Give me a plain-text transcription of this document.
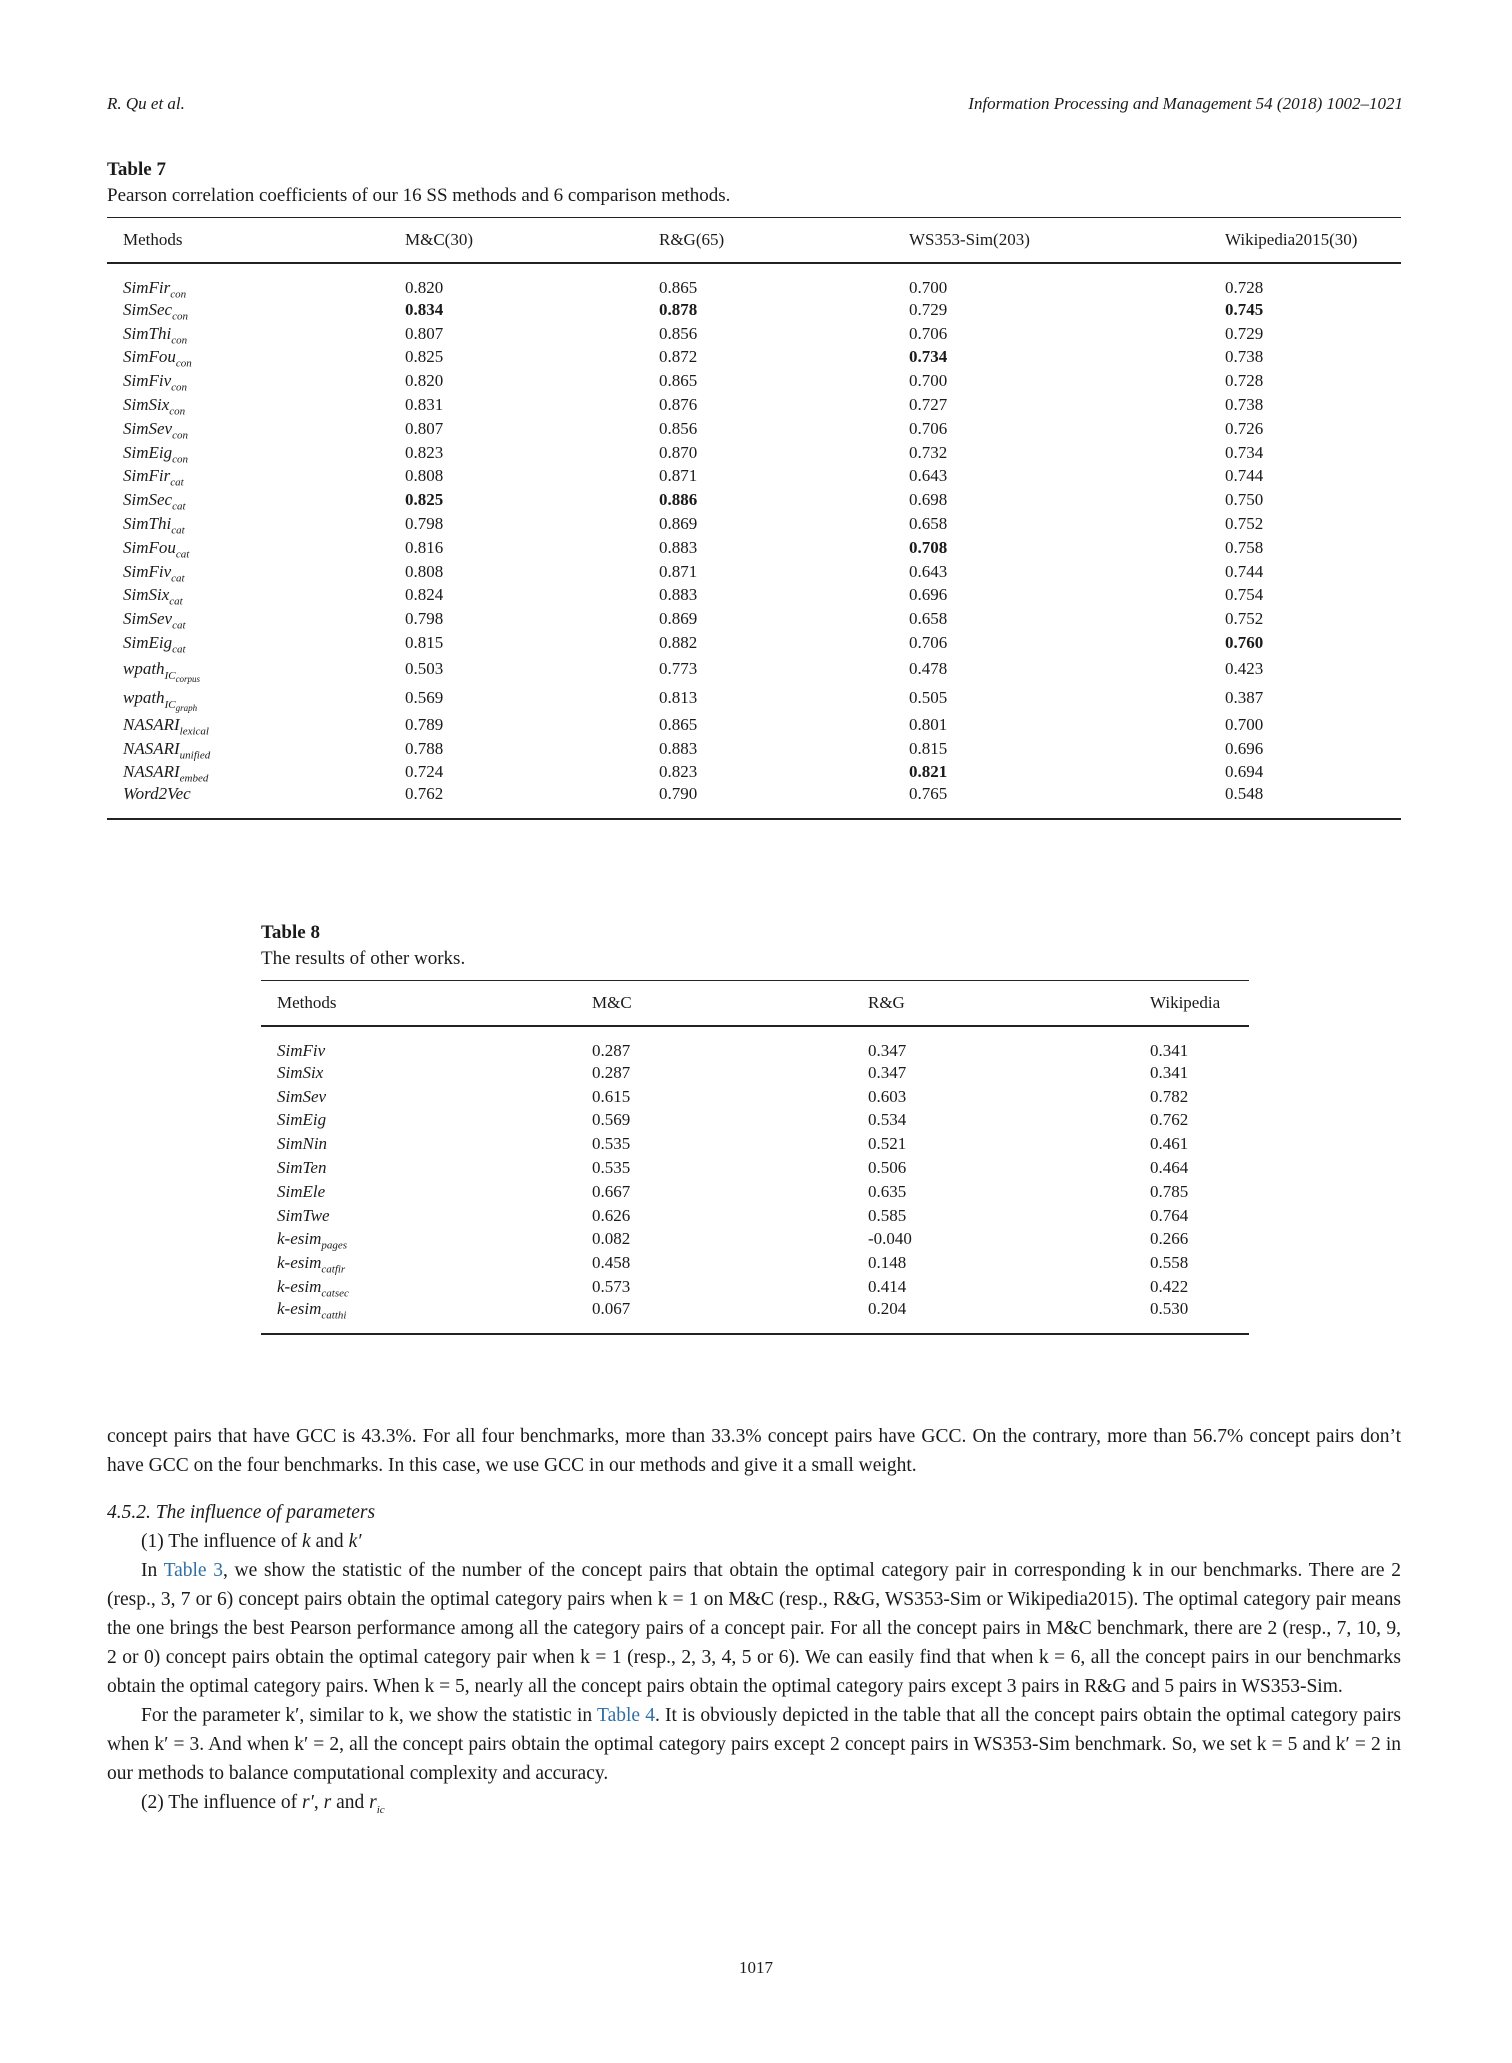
R. Qu et al.	Information Processing and Management 54 (2018) 1002–1021
Table 7
Pearson correlation coefficients of our 16 SS methods and 6 comparison methods.
Methods	M&C(30)	R&G(65)	WS353-Sim(203)	Wikipedia2015(30)
SimFir$_{con}$	0.820	0.865	0.700	0.728
SimSec$_{con}$	0.834	0.878	0.729	0.745
SimThi$_{con}$	0.807	0.856	0.706	0.729
SimFou$_{con}$	0.825	0.872	0.734	0.738
SimFiv$_{con}$	0.820	0.865	0.700	0.728
SimSix$_{con}$	0.831	0.876	0.727	0.738
SimSev$_{con}$	0.807	0.856	0.706	0.726
SimEig$_{con}$	0.823	0.870	0.732	0.734
SimFir$_{cat}$	0.808	0.871	0.643	0.744
SimSec$_{cat}$	0.825	0.886	0.698	0.750
SimThi$_{cat}$	0.798	0.869	0.658	0.752
SimFou$_{cat}$	0.816	0.883	0.708	0.758
SimFiv$_{cat}$	0.808	0.871	0.643	0.744
SimSix$_{cat}$	0.824	0.883	0.696	0.754
SimSev$_{cat}$	0.798	0.869	0.658	0.752
SimEig$_{cat}$	0.815	0.882	0.706	0.760
wpath$_{IC_{corpus}}$	0.503	0.773	0.478	0.423
wpath$_{IC_{graph}}$	0.569	0.813	0.505	0.387
$NASARI_{lexical}$	0.789	0.865	0.801	0.700
$NASARI_{unified}$	0.788	0.883	0.815	0.696
$NASARI_{embed}$	0.724	0.823	0.821	0.694
Word2Vec	0.762	0.790	0.765	0.548
Table 8
The results of other works.
Methods	M&C	R&G	Wikipedia
SimFiv	0.287	0.347	0.341
SimSix	0.287	0.347	0.341
SimSev	0.615	0.603	0.782
SimEig	0.569	0.534	0.762
SimNin	0.535	0.521	0.461
SimTen	0.535	0.506	0.464
SimEle	0.667	0.635	0.785
SimTwe	0.626	0.585	0.764
k-esim$_{pages}$	0.082	-0.040	0.266
k-esim$_{catfir}$	0.458	0.148	0.558
k-esim$_{catsec}$	0.573	0.414	0.422
k-esim$_{catthi}$	0.067	0.204	0.530

concept pairs that have GCC is 43.3%. For all four benchmarks, more than 33.3% concept pairs have GCC. On the contrary, more than 56.7% concept pairs don’t have GCC on the four benchmarks. In this case, we use GCC in our methods and give it a small weight.

4.5.2. The influence of parameters

(1) The influence of k and k′

In Table 3, we show the statistic of the number of the concept pairs that obtain the optimal category pair in corresponding k in our benchmarks. There are 2 (resp., 3, 7 or 6) concept pairs obtain the optimal category pairs when k = 1 on M&C (resp., R&G, WS353-Sim or Wikipedia2015). The optimal category pair means the one brings the best Pearson performance among all the category pairs of a concept pair. For all the concept pairs in M&C benchmark, there are 2 (resp., 7, 10, 9, 2 or 0) concept pairs obtain the optimal category pair when k = 1 (resp., 2, 3, 4, 5 or 6). We can easily find that when k = 6, all the concept pairs in our benchmarks obtain the optimal category pairs. When k = 5, nearly all the concept pairs obtain the optimal category pairs except 3 pairs in R&G and 5 pairs in WS353-Sim.

For the parameter k′, similar to k, we show the statistic in Table 4. It is obviously depicted in the table that all the concept pairs obtain the optimal category pairs when k′ = 3. And when k′ = 2, all the concept pairs obtain the optimal category pairs except 2 concept pairs in WS353-Sim benchmark. So, we set k = 5 and k′ = 2 in our methods to balance computational complexity and accuracy.

(2) The influence of r′, r and $r_{ic}$

1017
